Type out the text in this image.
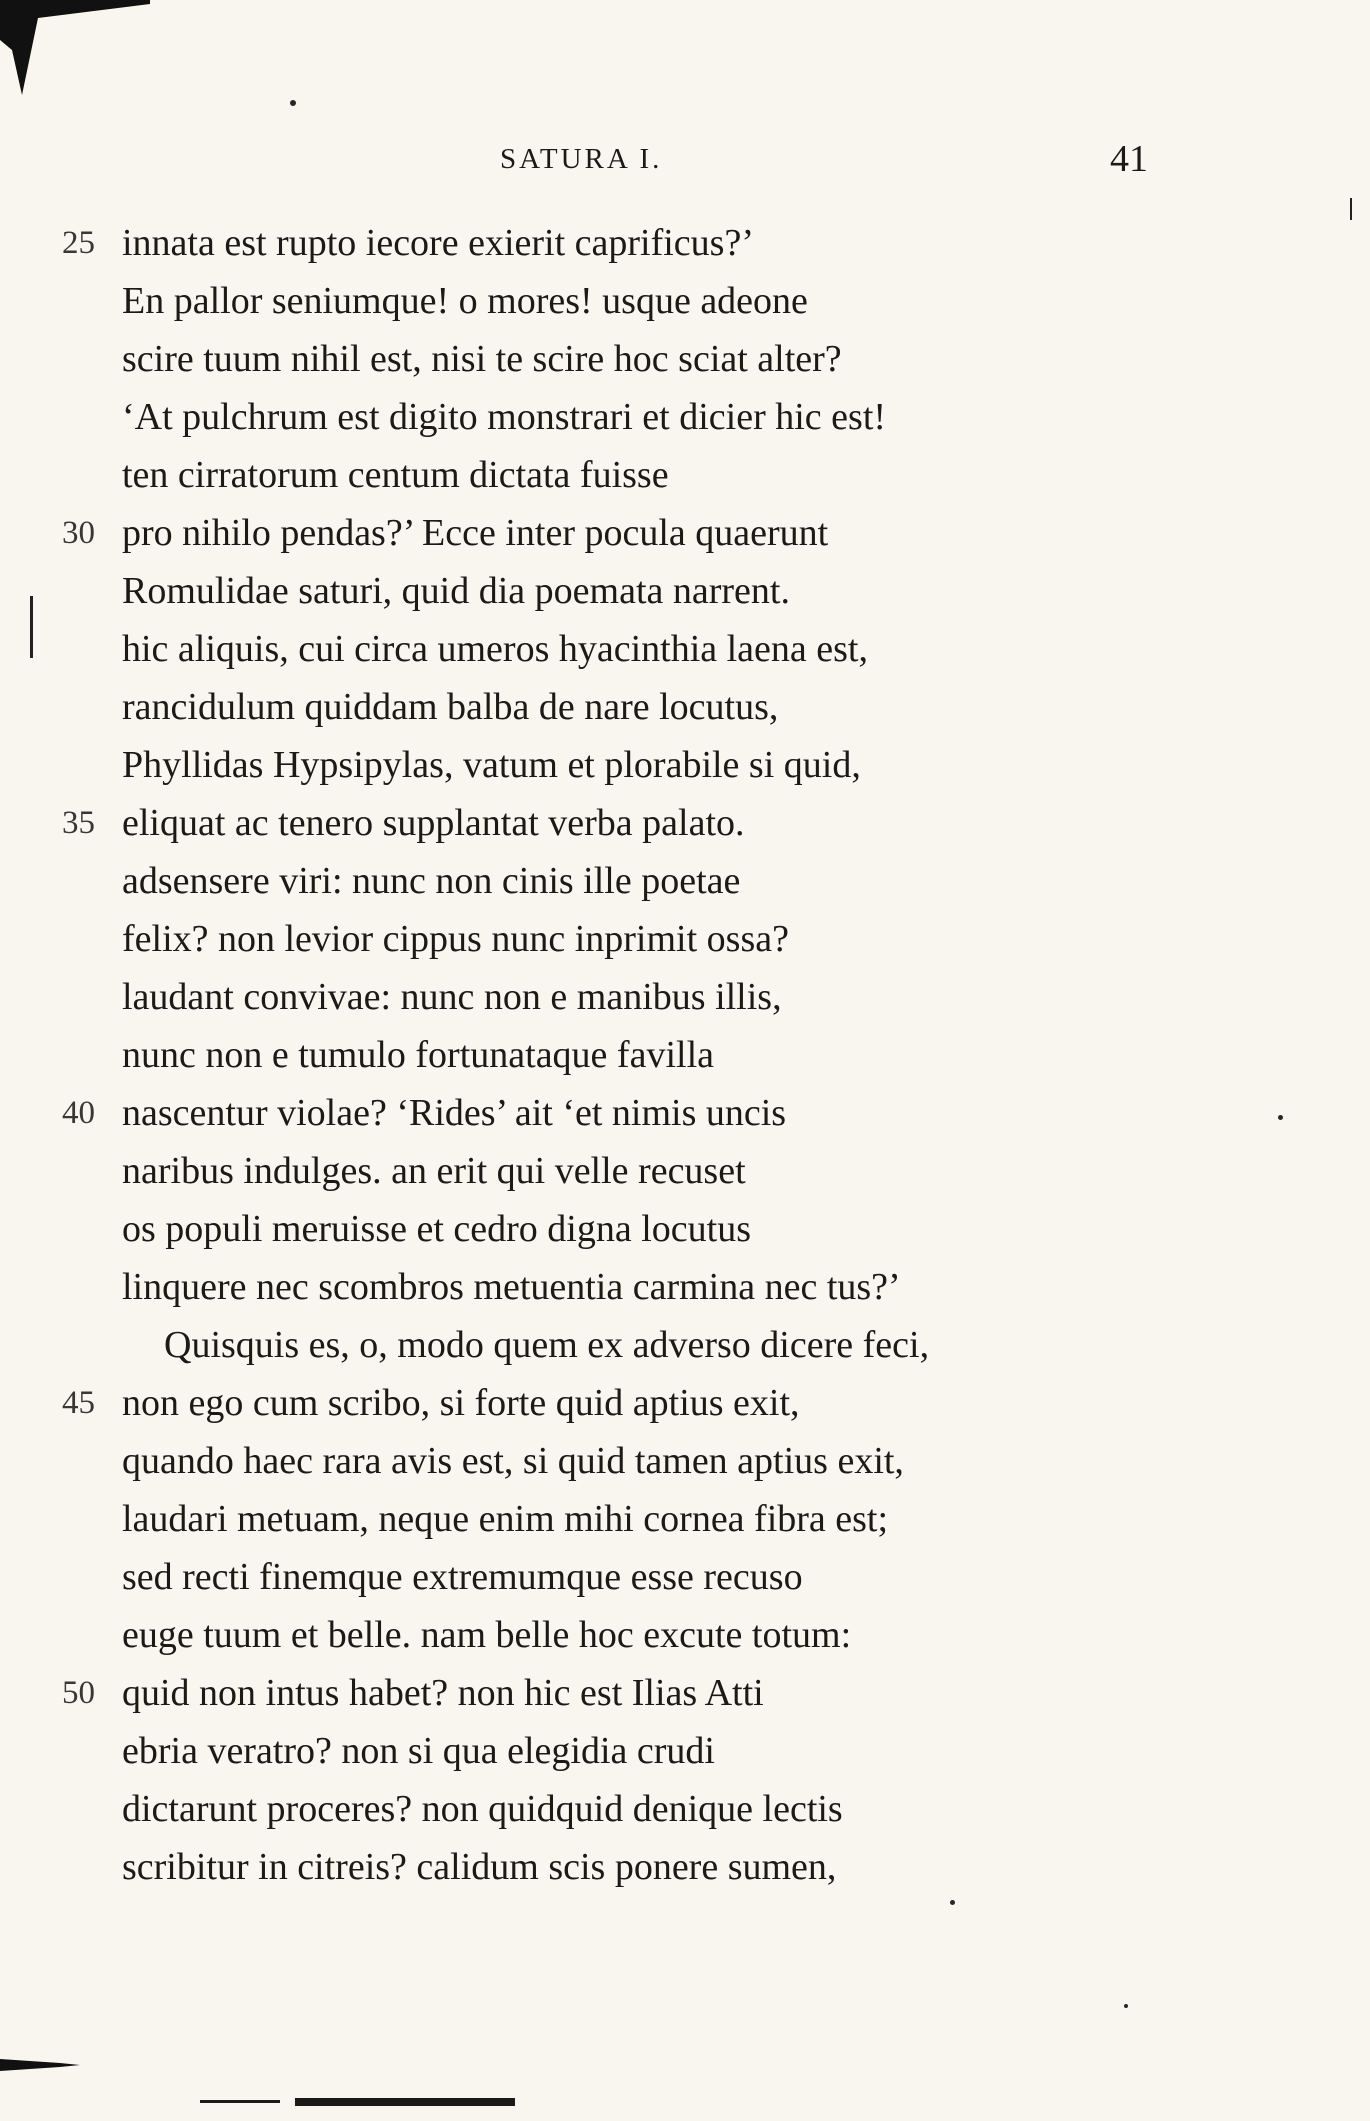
SATURA I.	41
25 innata est rupto iecore exierit caprificus?’
En pallor seniumque! o mores! usque adeone
scire tuum nihil est, nisi te scire hoc sciat alter?
‘At pulchrum est digito monstrari et dicier hic est!
ten cirratorum centum dictata fuisse
30 pro nihilo pendas?’ Ecce inter pocula quaerunt
Romulidae saturi, quid dia poemata narrent.
hic aliquis, cui circa umeros hyacinthia laena est,
rancidulum quiddam balba de nare locutus,
Phyllidas Hypsipylas, vatum et plorabile si quid,
35 eliquat ac tenero supplantat verba palato.
adsensere viri: nunc non cinis ille poetae
felix? non levior cippus nunc inprimit ossa?
laudant convivae: nunc non e manibus illis,
nunc non e tumulo fortunataque favilla
40 nascentur violae? ‘Rides’ ait ‘et nimis uncis
naribus indulges. an erit qui velle recuset
os populi meruisse et cedro digna locutus
linquere nec scombros metuentia carmina nec tus?’
Quisquis es, o, modo quem ex adverso dicere feci,
45 non ego cum scribo, si forte quid aptius exit,
quando haec rara avis est, si quid tamen aptius exit,
laudari metuam, neque enim mihi cornea fibra est;
sed recti finemque extremumque esse recuso
euge tuum et belle. nam belle hoc excute totum:
50 quid non intus habet? non hic est Ilias Atti
ebria veratro? non si qua elegidia crudi
dictarunt proceres? non quidquid denique lectis
scribitur in citreis? calidum scis ponere sumen,
